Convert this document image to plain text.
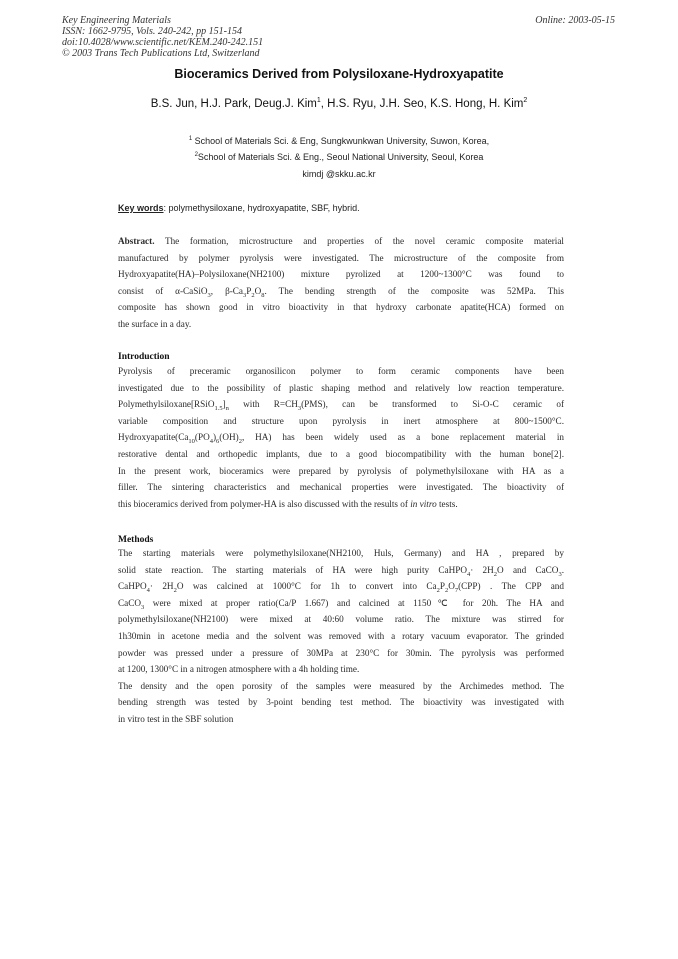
Key Engineering Materials
ISSN: 1662-9795, Vols. 240-242, pp 151-154
doi:10.4028/www.scientific.net/KEM.240-242.151
© 2003 Trans Tech Publications Ltd, Switzerland
Online: 2003-05-15
Bioceramics Derived from Polysiloxane-Hydroxyapatite
B.S. Jun, H.J. Park, Deug.J. Kim$^1$, H.S. Ryu, J.H. Seo, K.S. Hong, H. Kim$^2$
$^1$ School of Materials Sci. & Eng, Sungkwunkwan University, Suwon, Korea,
$^2$School of Materials Sci. & Eng., Seoul National University, Seoul, Korea
kimdj @skku.ac.kr
Key words: polymethysiloxane, hydroxyapatite, SBF, hybrid.
Abstract. The formation, microstructure and properties of the novel ceramic composite material
manufactured by polymer pyrolysis were investigated. The microstructure of the composite from
Hydroxyapatite(HA)–Polysiloxane(NH2100) mixture pyrolized at 1200~1300°C was found to
consist of α-CaSiO$_3$, $\beta-Ca_3P_2O_8$. The bending strength of the composite was 52MPa. This
composite has shown good in vitro bioactivity in that hydroxy carbonate apatite(HCA) formed on
the surface in a day.
Introduction
Pyrolysis of preceramic organosilicon polymer to form ceramic components have been
investigated due to the possibility of plastic shaping method and relatively low reaction temperature.
$Polymethylsiloxane[RSiO_{1.5}]_n$ with $R=CH_3(PMS)$, can be transformed to Si-O-C ceramic of
variable composition and structure upon pyrolysis in inert atmosphere at 800~1500°C.
$Hydroxyapatite(Ca_{10}(PO_4)_6(OH)_2$, HA) has been widely used as a bone replacement material in
restorative dental and orthopedic implants, due to a good biocompatibility with the human bone[2].
In the present work, bioceramics were prepared by pyrolysis of polymethylsiloxane with HA as a
filler. The sintering characteristics and mechanical properties were investigated. The bioactivity of
this bioceramics derived from polymer-HA is also discussed with the results of in vitro tests.
Methods
The starting materials were polymethylsiloxane(NH2100, Huls, Germany) and HA , prepared by
solid state reaction. The starting materials of HA were high purity CaHPO$_4$· $2H_2O$ and CaCO$_3$.
CaHPO$_4$· $2H_2O$ was calcined at 1000°C for 1h to convert into $Ca_2P_2O_7(CPP)$ . The CPP and
CaCO$_3$ were mixed at proper ratio(Ca/P 1.667) and calcined at 1150℃ for 20h. The HA and
polymethylsiloxane(NH2100) were mixed at 40:60 volume ratio. The mixture was stirred for
1h30min in acetone media and the solvent was removed with a rotary vacuum evaporator. The grinded
powder was pressed under a pressure of 30MPa at 230°C for 30min. The pyrolysis was performed
at 1200, 1300°C in a nitrogen atmosphere with a 4h holding time.
The density and the open porosity of the samples were measured by the Archimedes method. The
bending strength was tested by 3-point bending test method. The bioactivity was investigated with
in vitro test in the SBF solution
